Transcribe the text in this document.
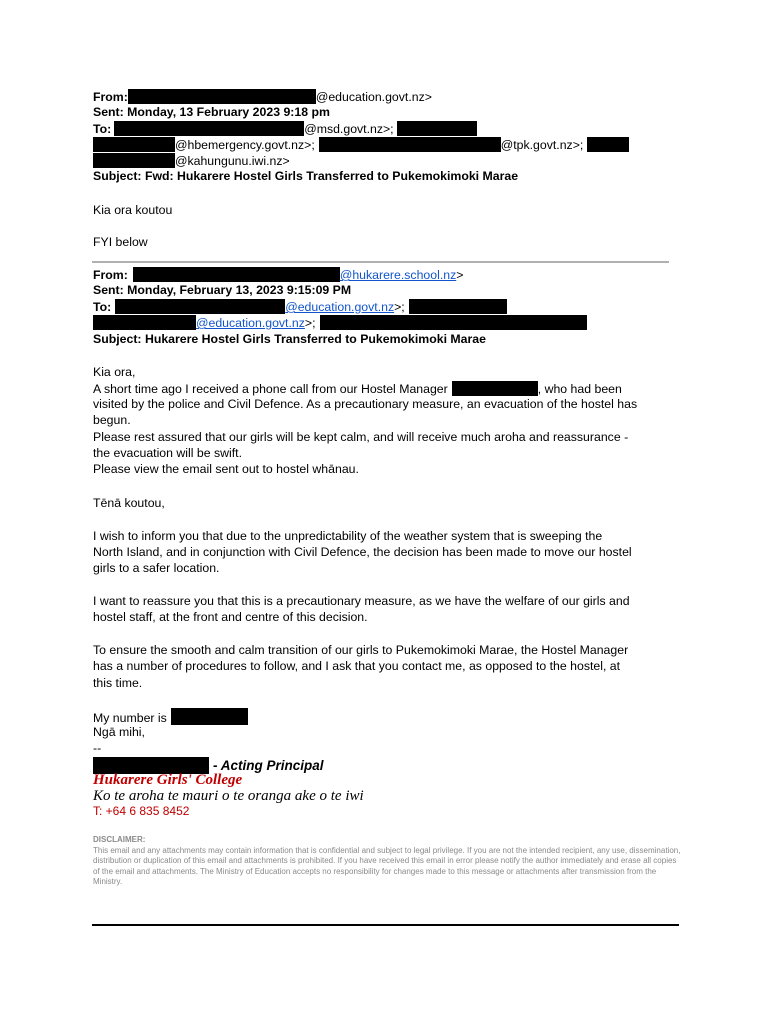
From:	@education.govt.nz>
Sent: Monday, 13 February 2023 9:18 pm
To:	@msd.govt.nz>;
@hbemergency.govt.nz>;	@tpk.govt.nz>;
@kahungunu.iwi.nz>
Subject: Fwd: Hukarere Hostel Girls Transferred to Pukemokimoki Marae
Kia ora koutou
FYI below
From:	@hukarere.school.nz>
Sent: Monday, February 13, 2023 9:15:09 PM
To:	@education.govt.nz>;
@education.govt.nz>;
Subject: Hukarere Hostel Girls Transferred to Pukemokimoki Marae
Kia ora,
A short time ago I received a phone call from our Hostel Manager	, who had been
visited by the police and Civil Defence. As a precautionary measure, an evacuation of the hostel has
begun.
Please rest assured that our girls will be kept calm, and will receive much aroha and reassurance -
the evacuation will be swift.
Please view the email sent out to hostel whānau.
Tēnā koutou,
I wish to inform you that due to the unpredictability of the weather system that is sweeping the
North Island, and in conjunction with Civil Defence, the decision has been made to move our hostel
girls to a safer location.
I want to reassure you that this is a precautionary measure, as we have the welfare of our girls and
hostel staff, at the front and centre of this decision.
To ensure the smooth and calm transition of our girls to Pukemokimoki Marae, the Hostel Manager
has a number of procedures to follow, and I ask that you contact me, as opposed to the hostel, at
this time.
My number is
Ngā mihi,
--
- Acting Principal
Hukarere Girls' College
Ko te aroha te mauri o te oranga ake o te iwi
T: +64 6 835 8452
DISCLAIMER:
This email and any attachments may contain information that is confidential and subject to legal privilege. If you are not the intended recipient, any use, dissemination, distribution or duplication of this email and attachments is prohibited. If you have received this email in error please notify the author immediately and erase all copies of the email and attachments. The Ministry of Education accepts no responsibility for changes made to this message or attachments after transmission from the Ministry.
